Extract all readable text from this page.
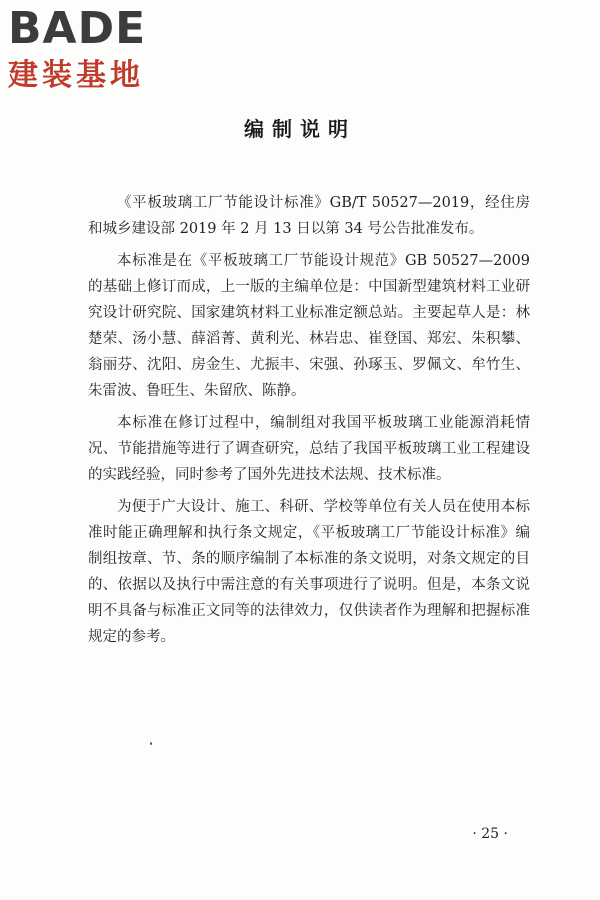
BADE
建装基地
编制说明

《平板玻璃工厂节能设计标准》GB/T 50527—2019，经住房和城乡建设部 2019 年 2 月 13 日以第 34 号公告批准发布。

本标准是在《平板玻璃工厂节能设计规范》GB 50527—2009 的基础上修订而成，上一版的主编单位是：中国新型建筑材料工业研究设计研究院、国家建筑材料工业标准定额总站。主要起草人是：林楚荣、汤小慧、薛滔菁、黄利光、林岩忠、崔登国、郑宏、朱积攀、翁丽芬、沈阳、房金生、尤振丰、宋强、孙琢玉、罗佩文、牟竹生、朱雷波、鲁旺生、朱留欣、陈静。

本标准在修订过程中，编制组对我国平板玻璃工业能源消耗情况、节能措施等进行了调查研究，总结了我国平板玻璃工业工程建设的实践经验，同时参考了国外先进技术法规、技术标准。

为便于广大设计、施工、科研、学校等单位有关人员在使用本标准时能正确理解和执行条文规定，《平板玻璃工厂节能设计标准》编制组按章、节、条的顺序编制了本标准的条文说明，对条文规定的目的、依据以及执行中需注意的有关事项进行了说明。但是，本条文说明不具备与标准正文同等的法律效力，仅供读者作为理解和把握标准规定的参考。

· 25 ·
